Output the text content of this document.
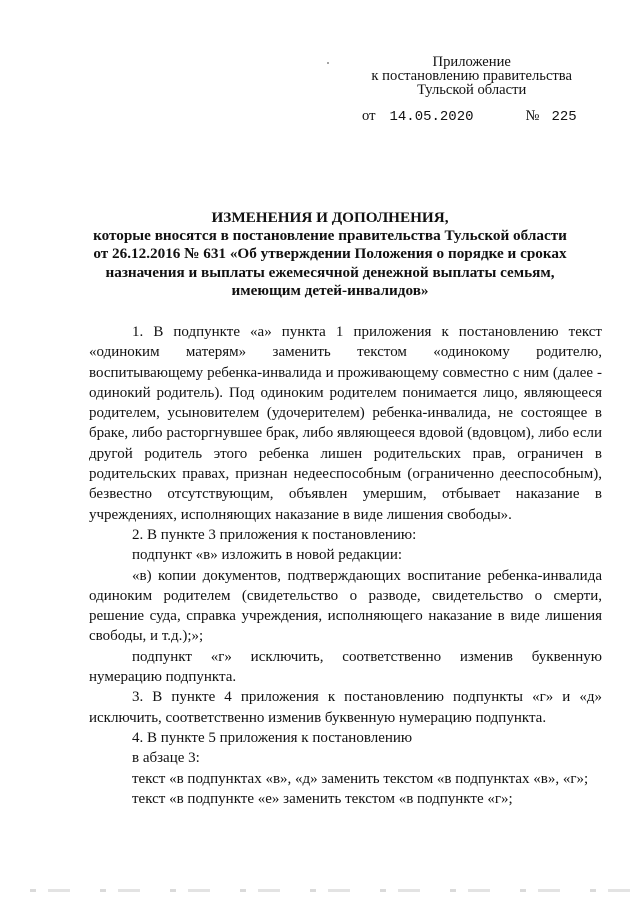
Приложение
к постановлению правительства
Тульской области
от 14.05.2020	№ 225
ИЗМЕНЕНИЯ И ДОПОЛНЕНИЯ,
которые вносятся в постановление правительства Тульской области от 26.12.2016 № 631 «Об утверждении Положения о порядке и сроках назначения и выплаты ежемесячной денежной выплаты семьям, имеющим детей-инвалидов»

1. В подпункте «а» пункта 1 приложения к постановлению текст «одиноким матерям» заменить текстом «одинокому родителю, воспитывающему ребенка-инвалида и проживающему совместно с ним (далее - одинокий родитель). Под одиноким родителем понимается лицо, являющееся родителем, усыновителем (удочерителем) ребенка-инвалида, не состоящее в браке, либо расторгнувшее брак, либо являющееся вдовой (вдовцом), либо если другой родитель этого ребенка лишен родительских прав, ограничен в родительских правах, признан недееспособным (ограниченно дееспособным), безвестно отсутствующим, объявлен умершим, отбывает наказание в учреждениях, исполняющих наказание в виде лишения свободы».

2. В пункте 3 приложения к постановлению:

подпункт «в» изложить в новой редакции:

«в) копии документов, подтверждающих воспитание ребенка-инвалида одиноким родителем (свидетельство о разводе, свидетельство о смерти, решение суда, справка учреждения, исполняющего наказание в виде лишения свободы, и т.д.);»;

подпункт «г» исключить, соответственно изменив буквенную нумерацию подпункта.

3. В пункте 4 приложения к постановлению подпункты «г» и «д» исключить, соответственно изменив буквенную нумерацию подпункта.

4. В пункте 5 приложения к постановлению

в абзаце 3:

текст «в подпунктах «в», «д» заменить текстом «в подпунктах «в», «г»;

текст «в подпункте «е» заменить текстом «в подпункте «г»;
